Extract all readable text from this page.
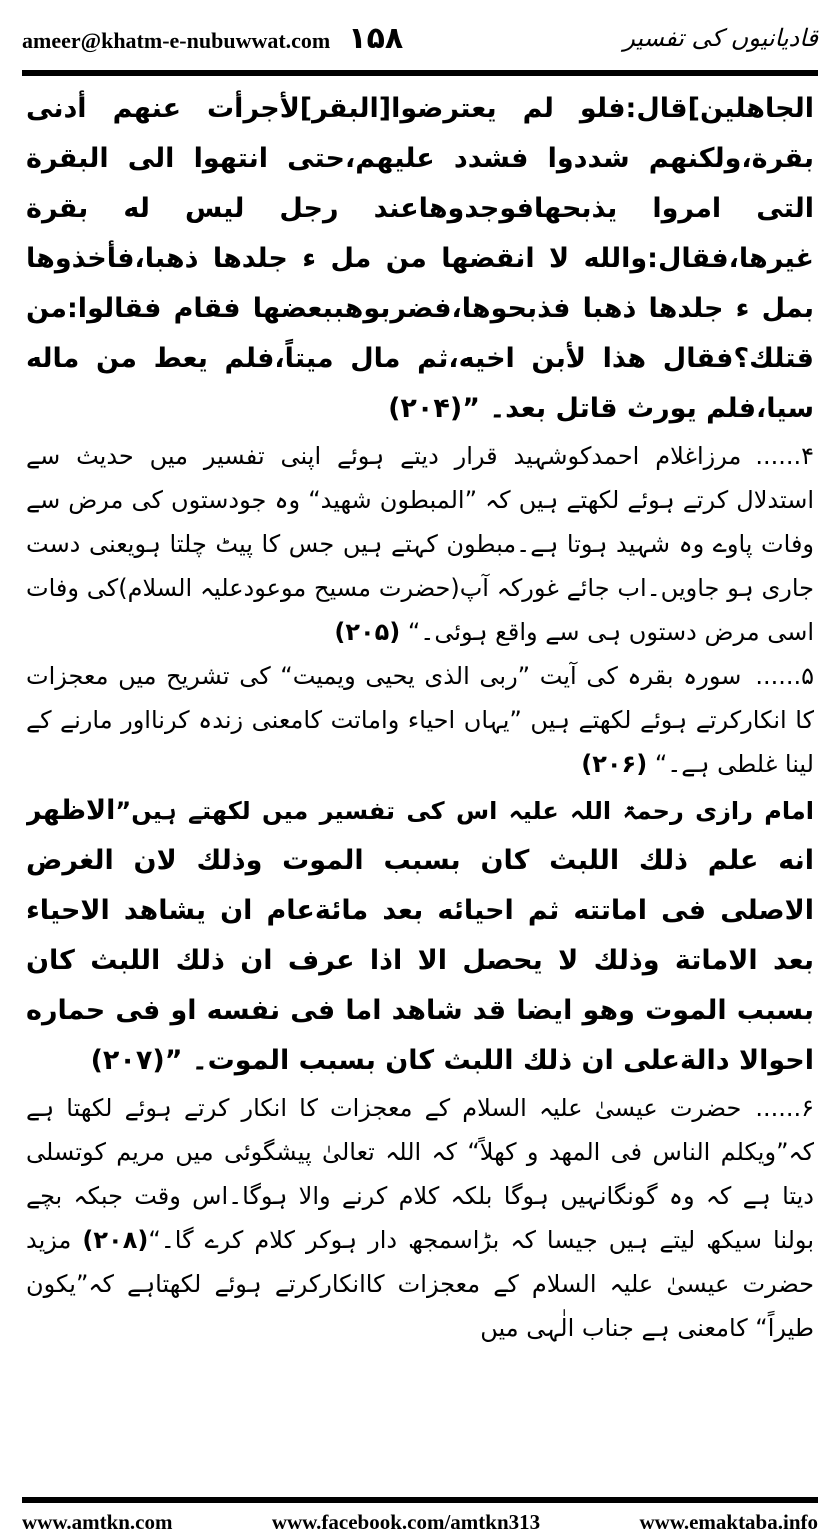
ameer@khatm-e-nubuwwat.com ۱۵۸	قادیانیوں کی تفسیر

الجاهلين]قال:فلو لم يعترضوا[البقر]لأجرأت عنهم أدنى بقرة،ولكنهم شددوا فشدد عليهم،حتى انتهوا الى البقرة التى امروا يذبحهافوجدوهاعند رجل ليس له بقرة غيرها،فقال:والله لا انقضها من مل ء جلدها ذهبا،فأخذوها بمل ء جلدها ذهبا فذبحوها،فضربوهببعضها فقام فقالوا:من قتلك؟فقال هذا لأبن اخيه،ثم مال ميتاً،فلم يعط من ماله سيا،فلم يورث قاتل بعد۔ ”(۲۰۴)

۴......مرزاغلام احمدکوشہید قرار دیتے ہوئے اپنی تفسیر میں حدیث سے استدلال کرتے ہوئے لکھتے ہیں کہ ”المبطون شهيد“ وہ جودستوں کی مرض سے وفات پاوے وہ شہید ہوتا ہے۔مبطون کہتے ہیں جس کا پیٹ چلتا ہویعنی دست جاری ہو جاویں۔اب جائے غورکہ آپ(حضرت مسیح موعودعلیہ السلام)کی وفات اسی مرض دستوں ہی سے واقع ہوئی۔“ (۲۰۵)

۵......سورہ بقرہ کی آیت ”ربی الذی یحیی ویمیت“ کی تشریح میں معجزات کا انکارکرتے ہوئے لکھتے ہیں ”یہاں احیاء واماتت کامعنی زندہ کرنااور مارنے کے لینا غلطی ہے۔“ (۲۰۶)

امام رازی رحمۃ اللہ علیہ اس کی تفسیر میں لکھتے ہیں”الاظهر انه علم ذلك اللبث كان بسبب الموت وذلك لان الغرض الاصلى فى اماتته ثم احيائه بعد مائةعام ان يشاهد الاحياء بعد الاماتة وذلك لا يحصل الا اذا عرف ان ذلك اللبث كان بسبب الموت وهو ايضا قد شاهد اما فى نفسه او فى حماره احوالا دالةعلى ان ذلك اللبث كان بسبب الموت۔ ”(۲۰۷)

۶......حضرت عیسیٰ علیہ السلام کے معجزات کا انکار کرتے ہوئے لکھتا ہے کہ”ويكلم الناس فى المهد و كهلاً“ کہ اللہ تعالیٰ پیشگوئی میں مریم کوتسلی دیتا ہے کہ وہ گونگانہیں ہوگا بلکہ کلام کرنے والا ہوگا۔اس وقت جبکہ بچے بولنا سیکھ لیتے ہیں جیسا کہ بڑاسمجھ دار ہوکر کلام کرے گا۔“(۲۰۸) مزید حضرت عیسیٰ علیہ السلام کے معجزات کاانکارکرتے ہوئے لکھتاہے کہ”یکون طیراً“ کامعنی ہے جناب الٰہی میں

www.amtkn.com	www.facebook.com/amtkn313	www.emaktaba.info
